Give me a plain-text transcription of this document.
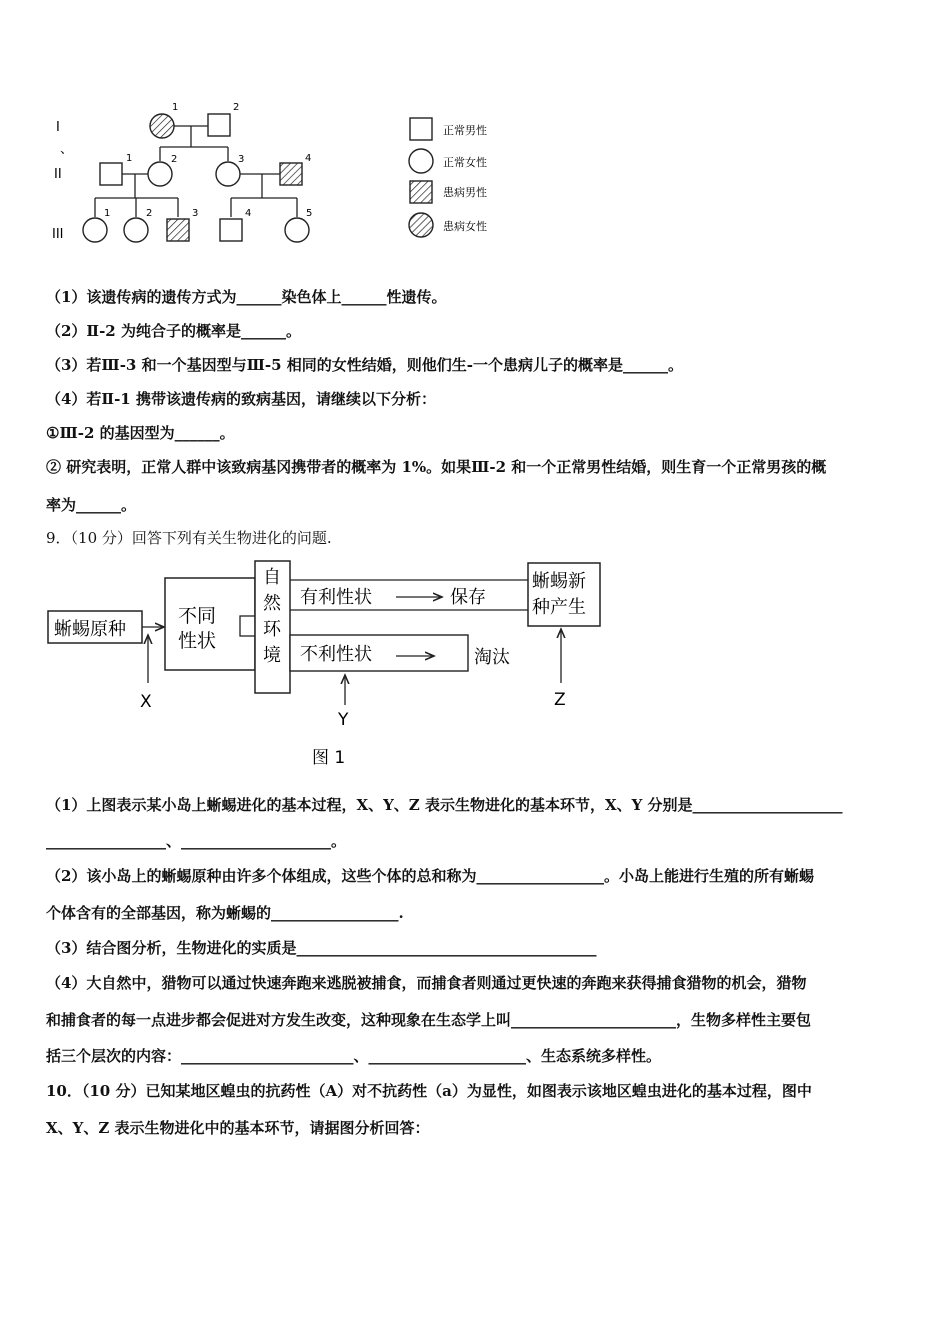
I
、
II
III
1	2
1	2	3	4
1	2	3	4	5
正常男性
正常女性
患病男性
患病女性
（1）该遗传病的遗传方式为______染色体上______性遗传。
（2）Ⅱ-2 为纯合子的概率是______。
（3）若Ⅲ-3 和一个基因型与Ⅲ-5 相同的女性结婚，则他们生-一个患病儿子的概率是______。
（4）若Ⅱ-1 携带该遗传病的致病基因，请继续以下分析：
①Ⅲ-2 的基因型为______。
② 研究表明，正常人群中该致病基冈携带者的概率为 1%。如果Ⅲ-2 和一个正常男性结婚，则生育一个正常男孩的概
率为______。
9．（10 分）回答下列有关生物进化的问题.
蜥蜴原种
X
不同
性状
自
然
环
境
有利性状	保存
蜥蜴新
种产生
不利性状	淘汰
Y
Z
图 1
（1）上图表示某小岛上蜥蜴进化的基本过程，X、Y、Z 表示生物进化的基本环节，X、Y 分别是____________________
________________、____________________。
（2）该小岛上的蜥蜴原种由许多个体组成，这些个体的总和称为_________________。小岛上能进行生殖的所有蜥蜴
个体含有的全部基因，称为蜥蜴的_________________.
（3）结合图分析，生物进化的实质是________________________________________
（4）大自然中，猎物可以通过快速奔跑来逃脱被捕食，而捕食者则通过更快速的奔跑来获得捕食猎物的机会，猎物
和捕食者的每一点进步都会促进对方发生改变，这种现象在生态学上叫______________________，生物多样性主要包
括三个层次的内容：_______________________、_____________________、生态系统多样性。
10．（10 分）已知某地区蝗虫的抗药性（A）对不抗药性（a）为显性，如图表示该地区蝗虫进化的基本过程，图中
X、Y、Z 表示生物进化中的基本环节，请据图分析回答：
